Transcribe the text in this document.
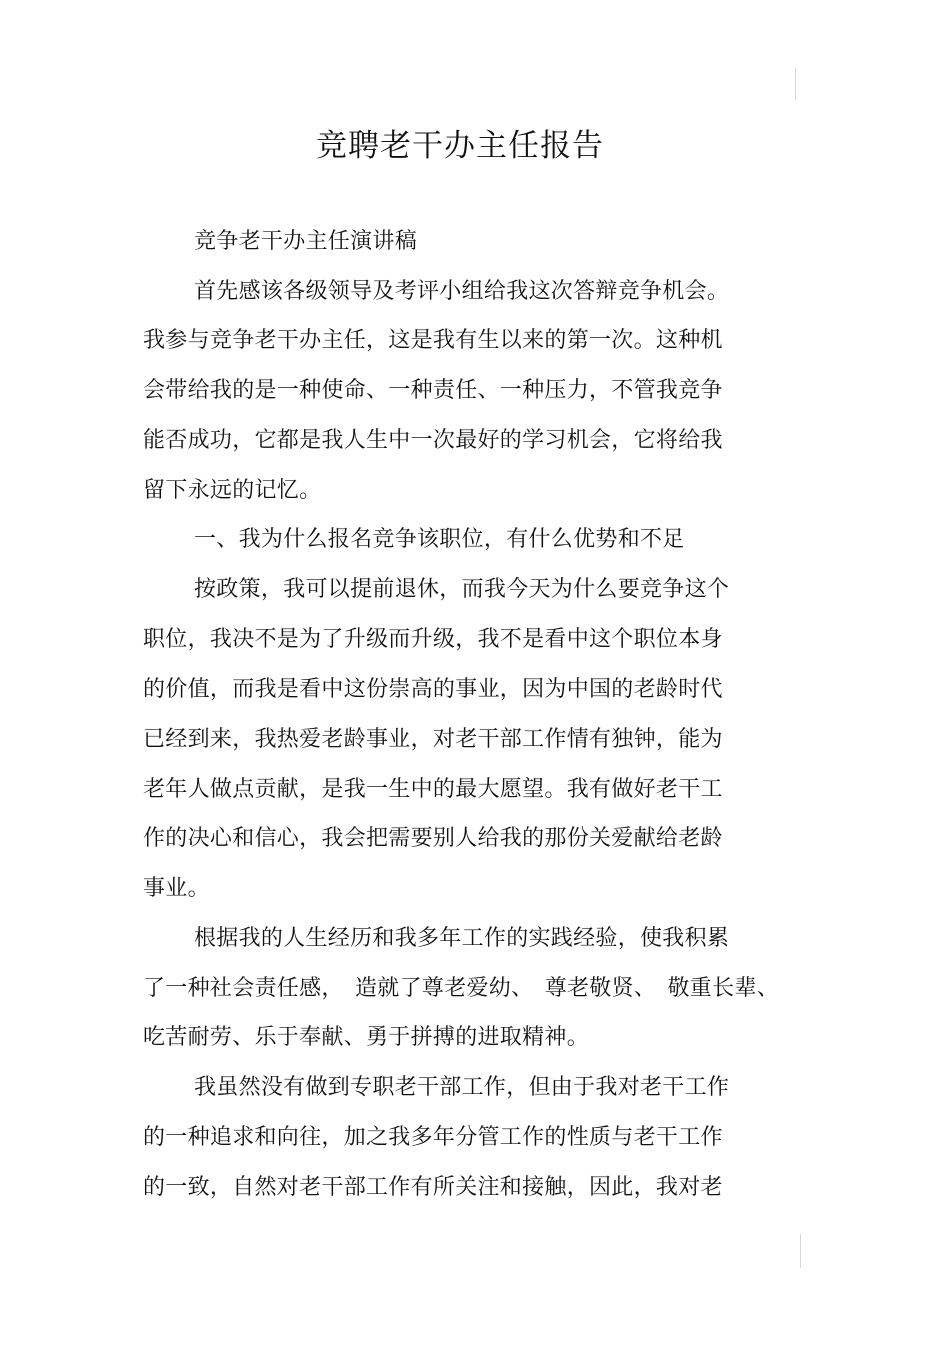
竞聘老干办主任报告
竞争老干办主任演讲稿
首先感该各级领导及考评小组给我这次答辩竞争机会。
我参与竞争老干办主任，这是我有生以来的第一次。这种机
会带给我的是一种使命、一种责任、一种压力，不管我竞争
能否成功，它都是我人生中一次最好的学习机会，它将给我
留下永远的记忆。
一、我为什么报名竞争该职位，有什么优势和不足
按政策，我可以提前退休，而我今天为什么要竞争这个
职位，我决不是为了升级而升级，我不是看中这个职位本身
的价值，而我是看中这份崇高的事业，因为中国的老龄时代
已经到来，我热爱老龄事业，对老干部工作情有独钟，能为
老年人做点贡献，是我一生中的最大愿望。我有做好老干工
作的决心和信心，我会把需要别人给我的那份关爱献给老龄
事业。
根据我的人生经历和我多年工作的实践经验，使我积累
了一种社会责任感，　造就了尊老爱幼、　尊老敬贤、　敬重长辈、
吃苦耐劳、乐于奉献、勇于拼搏的进取精神。
我虽然没有做到专职老干部工作，但由于我对老干工作
的一种追求和向往，加之我多年分管工作的性质与老干工作
的一致，自然对老干部工作有所关注和接触，因此，我对老
